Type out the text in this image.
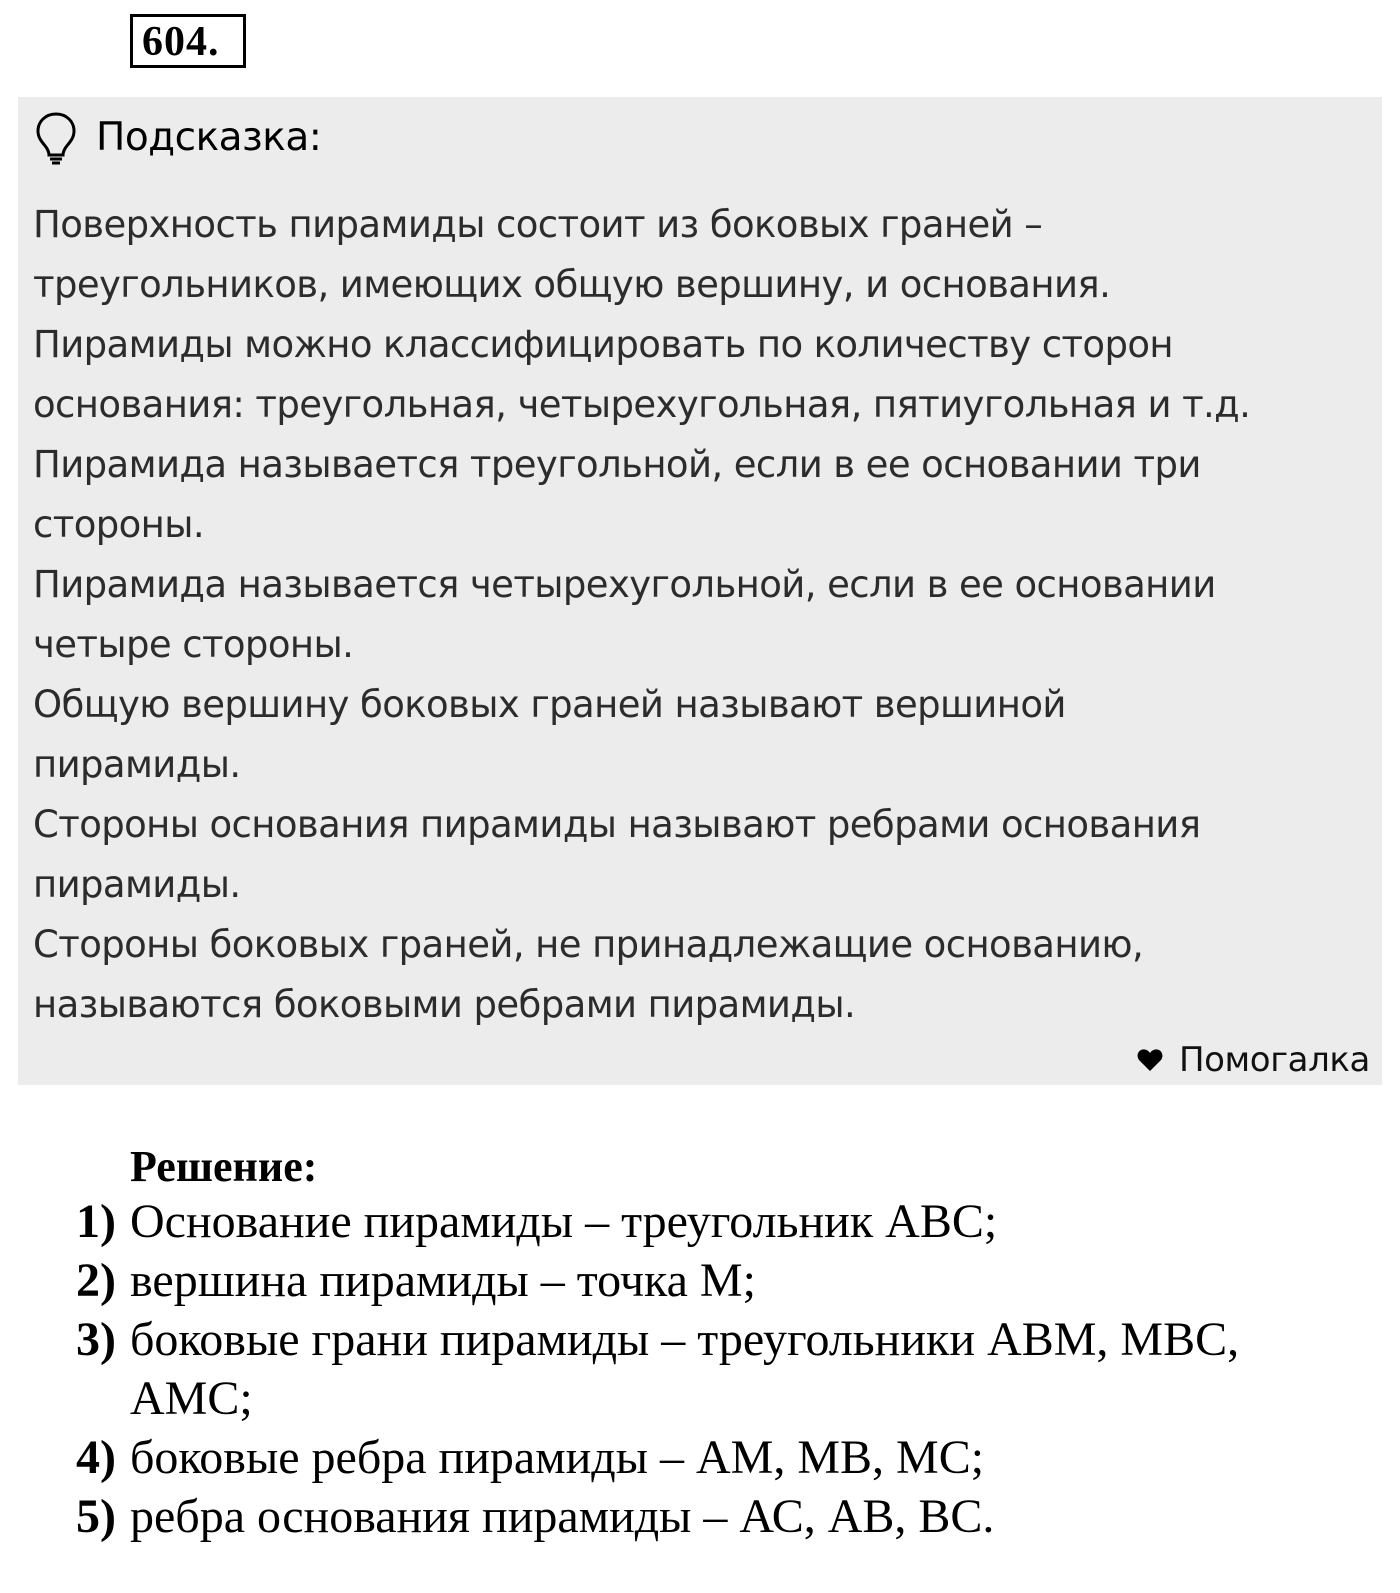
604.
Подсказка:
Поверхность пирамиды состоит из боковых граней –
треугольников, имеющих общую вершину, и основания.
Пирамиды можно классифицировать по количеству сторон
основания: треугольная, четырехугольная, пятиугольная и т.д.
Пирамида называется треугольной, если в ее основании три
стороны.
Пирамида называется четырехугольной, если в ее основании
четыре стороны.
Общую вершину боковых граней называют вершиной
пирамиды.
Стороны основания пирамиды называют ребрами основания
пирамиды.
Стороны боковых граней, не принадлежащие основанию,
называются боковыми ребрами пирамиды.
Помогалка
Решение:
1) Основание пирамиды – треугольник АВС;
2) вершина пирамиды – точка М;
3) боковые грани пирамиды – треугольники АВМ, МВС,
АМС;
4) боковые ребра пирамиды – АМ, МВ, МС;
5) ребра основания пирамиды – АС, АВ, ВС.
